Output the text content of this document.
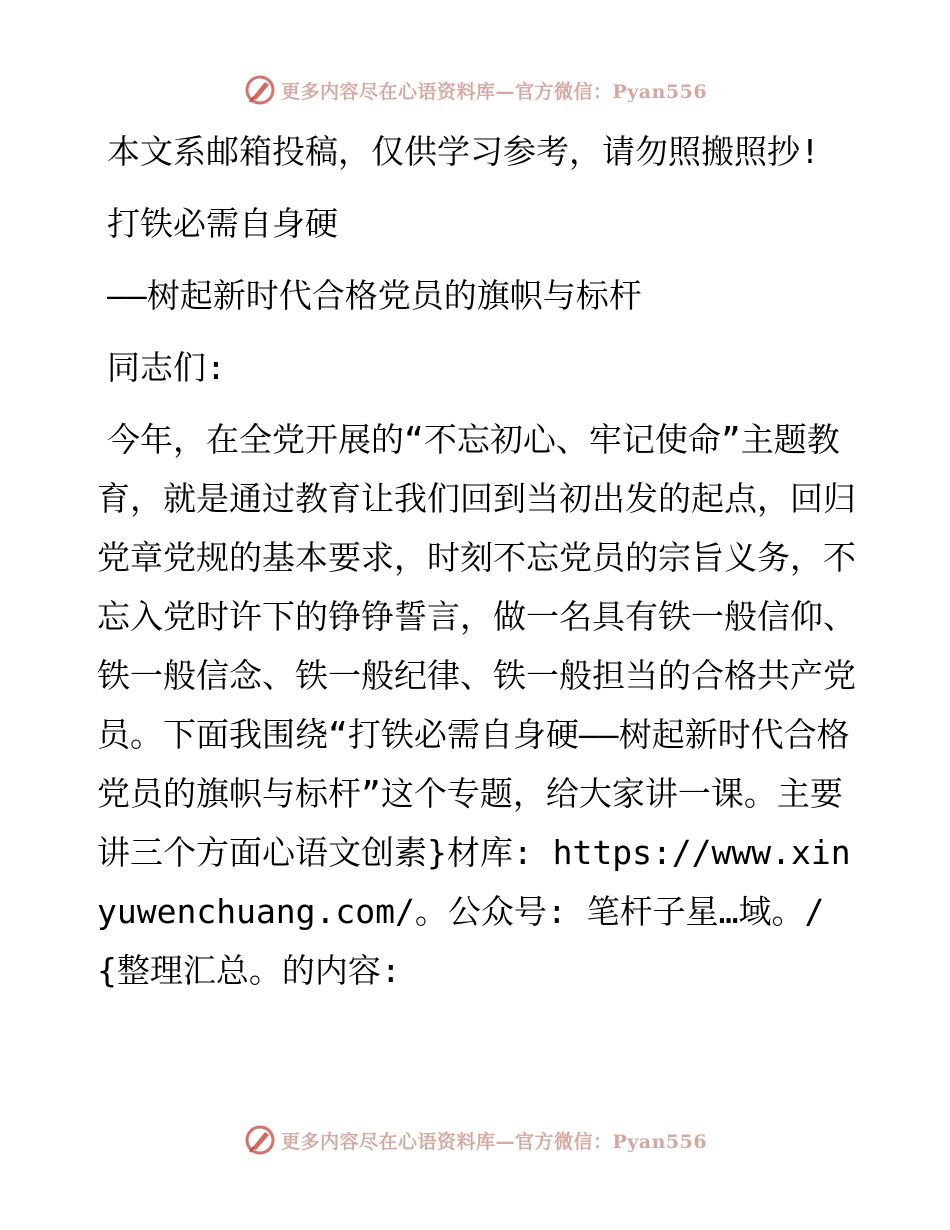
更多内容尽在心语资料库—官方微信：Pyan556

本文系邮箱投稿，仅供学习参考，请勿照搬照抄!

打铁必需自身硬

——树起新时代合格党员的旗帜与标杆

同志们:

今年，在全党开展的“不忘初心、牢记使命”主题教育，就是通过教育让我们回到当初出发的起点，回归党章党规的基本要求，时刻不忘党员的宗旨义务，不忘入党时许下的铮铮誓言，做一名具有铁一般信仰、铁一般信念、铁一般纪律、铁一般担当的合格共产党员。下面我围绕“打铁必需自身硬——树起新时代合格党员的旗帜与标杆”这个专题，给大家讲一课。主要讲三个方面心语文创素}材库: https://www.xinyuwenchuang.com/。公众号: 笔杆子星…域。/{整理汇总。的内容:

更多内容尽在心语资料库—官方微信：Pyan556
